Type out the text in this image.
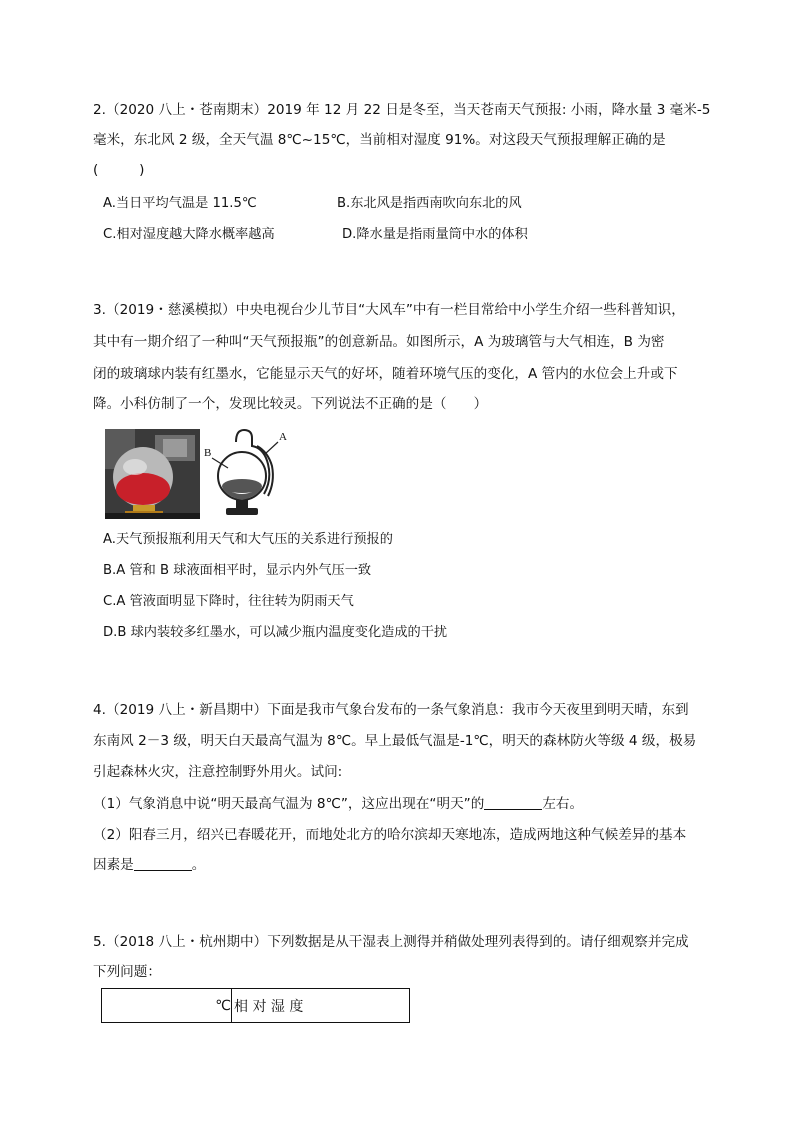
2.（2020 八上・苍南期末）2019 年 12 月 22 日是冬至，当天苍南天气预报: 小雨，降水量 3 毫米-5
毫米，东北风 2 级，全天气温 8℃~15℃，当前相对湿度 91%。对这段天气预报理解正确的是
(　　　)
A.当日平均气温是 11.5℃	B.东北风是指西南吹向东北的风
C.相对湿度越大降水概率越高	D.降水量是指雨量筒中水的体积
3.（2019・慈溪模拟）中央电视台少儿节目“大风车”中有一栏目常给中小学生介绍一些科普知识，
其中有一期介绍了一种叫“天气预报瓶”的创意新品。如图所示，A 为玻璃管与大气相连，B 为密
闭的玻璃球内装有红墨水，它能显示天气的好坏，随着环境气压的变化，A 管内的水位会上升或下
降。小科仿制了一个，发现比较灵。下列说法不正确的是（　　）
B
A
A.天气预报瓶利用天气和大气压的关系进行预报的
B.A 管和 B 球液面相平时，显示内外气压一致
C.A 管液面明显下降时，往往转为阴雨天气
D.B 球内装较多红墨水，可以减少瓶内温度变化造成的干扰
4.（2019 八上・新昌期中）下面是我市气象台发布的一条气象消息：我市今天夜里到明天晴，东到
东南风 2－3 级，明天白天最高气温为 8℃。早上最低气温是-1℃，明天的森林防火等级 4 级，极易
引起森林火灾，注意控制野外用火。试问:
（1）气象消息中说“明天最高气温为 8℃”，这应出现在“明天”的	左右。
（2）阳春三月，绍兴已春暖花开，而地处北方的哈尔滨却天寒地冻，造成两地这种气候差异的基本
因素是	。
5.（2018 八上・杭州期中）下列数据是从干湿表上测得并稍做处理列表得到的。请仔细观察并完成
下列问题：
℃	相 对 湿 度
